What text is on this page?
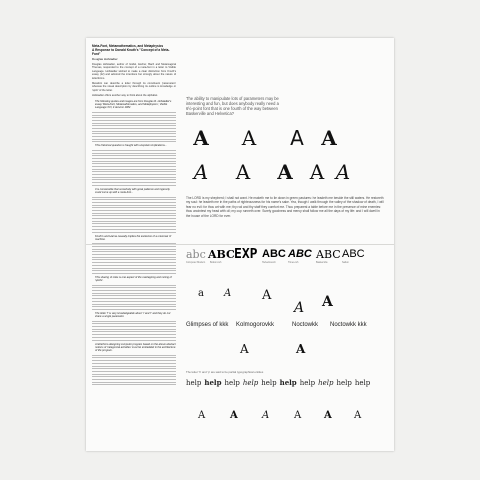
Meta-Font, Metamathematics, and Metaphysics
A Response to Donald Knuth's "Concept of a Meta-Font"
Douglas Hofstadter
Douglas Hofstadter, author of Gödel, Escher, Bach and Metamagical Themas, responded to the concept of a meta-font in a letter to Visible Language. Hofstadter wished to make a clear distinction from Knuth's essay (12) and admired the intentions but strongly about the nature of letterforms.
Metafont can describe a letter through its constituent 'parameters' whereas the visual description by describing its outline is knowledge or 'spirit' of the letter.
Hofstadter offers another way to think about the alphabet.
The following quotes and images are from Douglas R. Hofstadter's essay 'Meta-Font, Metamathematics, and Metaphysics', Visible Language XVI, 4 Autumn 1982.
This rhetorical question is fraught with unspoken implications...
It is conceivable that somebody with great patience and ingenuity could come up with a meta-font...
Knuth's and Hanna casually implies the existence of a universal 'A' machine.
This sharing of roles is one aspect of the overlapping and mixing of 'spirits'.
The letter 'f' is very knowledgeable about 'I' and 't' and they do not share a single parameter.
A letterform-designing computer program based on the above abstract notions of 'categorical activities' must be embedded in the architecture of the program.
The ability to manipulate lots of parameters may be interesting and fun, but does anybody really need a 6½-point font that is one fourth of the way between Baskerville and Helvetica?
A A A A
A A A A A
The LORD is my shepherd; I shall not want. He maketh me to lie down in green pastures: he leadeth me beside the still waters. He restoreth my soul: he leadeth me in the paths of righteousness for his name's sake. Yea, though I walk through the valley of the shadow of death, I will fear no evil: for thou art with me; thy rod and thy staff they comfort me. Thou preparest a table before me in the presence of mine enemies: thou anointest my head with oil; my cup runneth over. Surely goodness and mercy shall follow me all the days of my life: and I will dwell in the house of the LORD for ever.
abc ABC EXP ABC ABC ABC ABC
Computer Modern	Bodoni-ish	Helvetica-ish	Times-ish	Baskerville	Sabon
a A A
A A
Glimpses of kkk Kolmogorovkk	Noctowkk Noctowkk kkk
A	A
The letter 'h' and 'p' are said to be partial typographical entities
help help help help help help help help help help
A A A A A A
